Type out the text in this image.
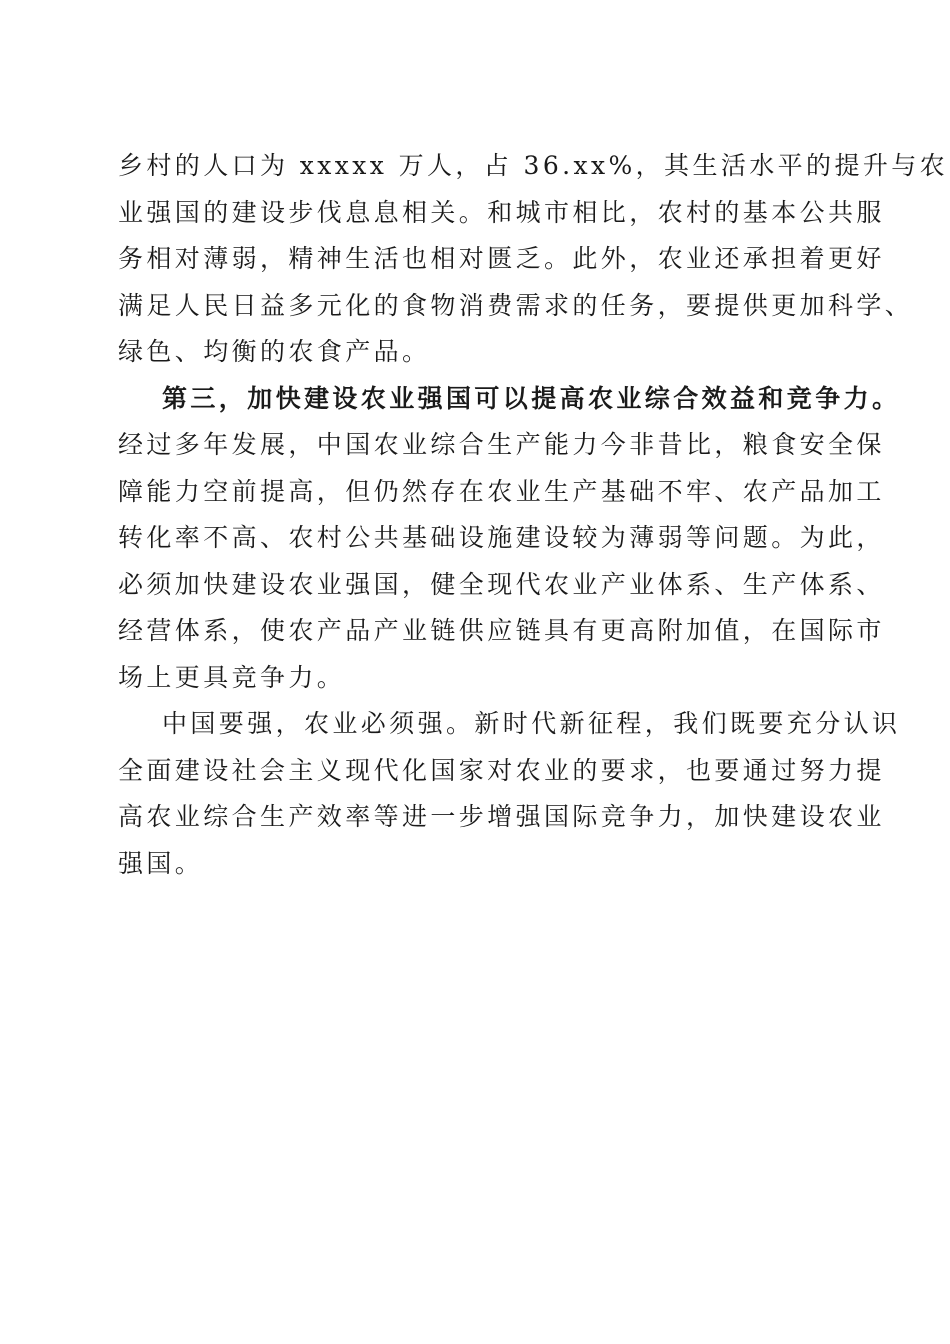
乡村的人口为 xxxxx 万人，占 36.xx%，其生活水平的提升与农
业强国的建设步伐息息相关。和城市相比，农村的基本公共服
务相对薄弱，精神生活也相对匮乏。此外，农业还承担着更好
满足人民日益多元化的食物消费需求的任务，要提供更加科学、
绿色、均衡的农食产品。
第三，加快建设农业强国可以提高农业综合效益和竞争力。
经过多年发展，中国农业综合生产能力今非昔比，粮食安全保
障能力空前提高，但仍然存在农业生产基础不牢、农产品加工
转化率不高、农村公共基础设施建设较为薄弱等问题。为此，
必须加快建设农业强国，健全现代农业产业体系、生产体系、
经营体系，使农产品产业链供应链具有更高附加值，在国际市
场上更具竞争力。
中国要强，农业必须强。新时代新征程，我们既要充分认识
全面建设社会主义现代化国家对农业的要求，也要通过努力提
高农业综合生产效率等进一步增强国际竞争力，加快建设农业
强国。
